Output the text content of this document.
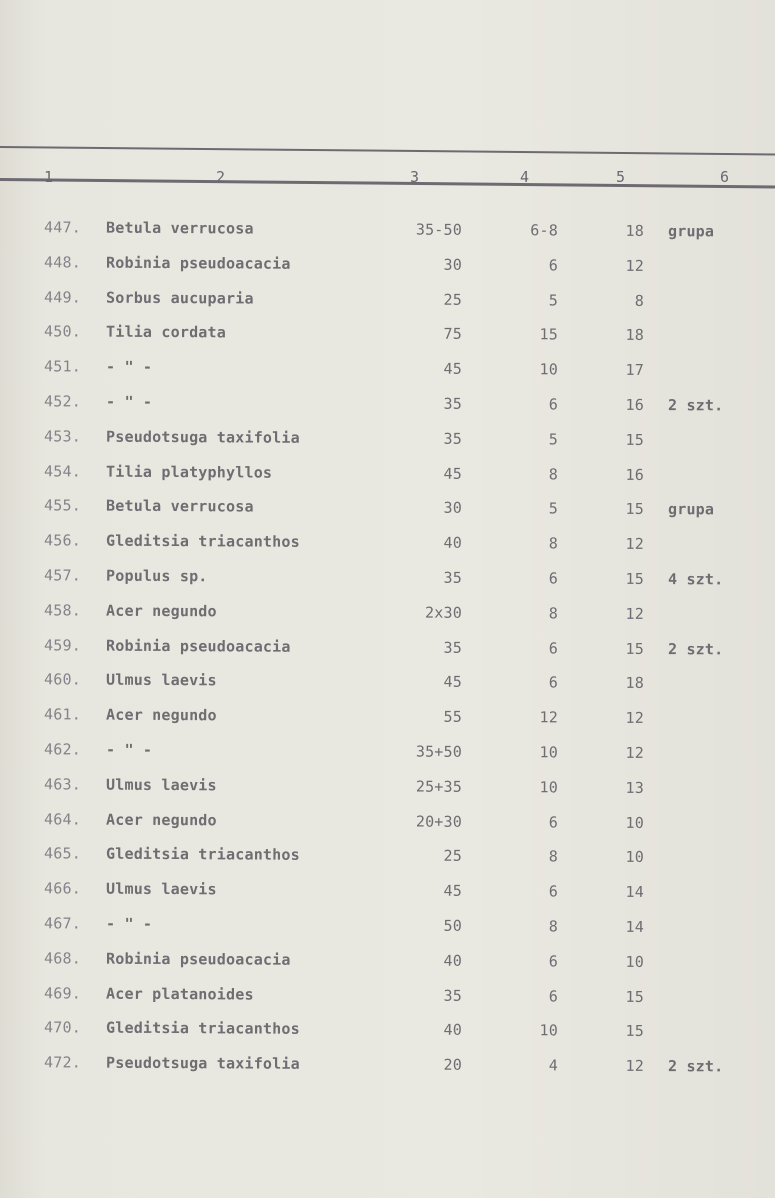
1	2	3	4	5	6
447.	Betula verrucosa	35-50	6-8	18 grupa
448.	Robinia pseudoacacia	30	6	12
449.	Sorbus aucuparia	25	5	8
450.	Tilia cordata	75	15	18
451.	- " -	45	10	17
452.	- " -	35	6	16 2 szt.
453.	Pseudotsuga taxifolia	35	5	15
454.	Tilia platyphyllos	45	8	16
455.	Betula verrucosa	30	5	15 grupa
456.	Gleditsia triacanthos	40	8	12
457.	Populus sp.	35	6	15 4 szt.
458.	Acer negundo	2x30	8	12
459.	Robinia pseudoacacia	35	6	15 2 szt.
460.	Ulmus laevis	45	6	18
461.	Acer negundo	55	12	12
462.	- " -	35+50	10	12
463.	Ulmus laevis	25+35	10	13
464.	Acer negundo	20+30	6	10
465.	Gleditsia triacanthos	25	8	10
466.	Ulmus laevis	45	6	14
467.	- " -	50	8	14
468.	Robinia pseudoacacia	40	6	10
469.	Acer platanoides	35	6	15
470.	Gleditsia triacanthos	40	10	15
472.	Pseudotsuga taxifolia	20	4	12 2 szt.
